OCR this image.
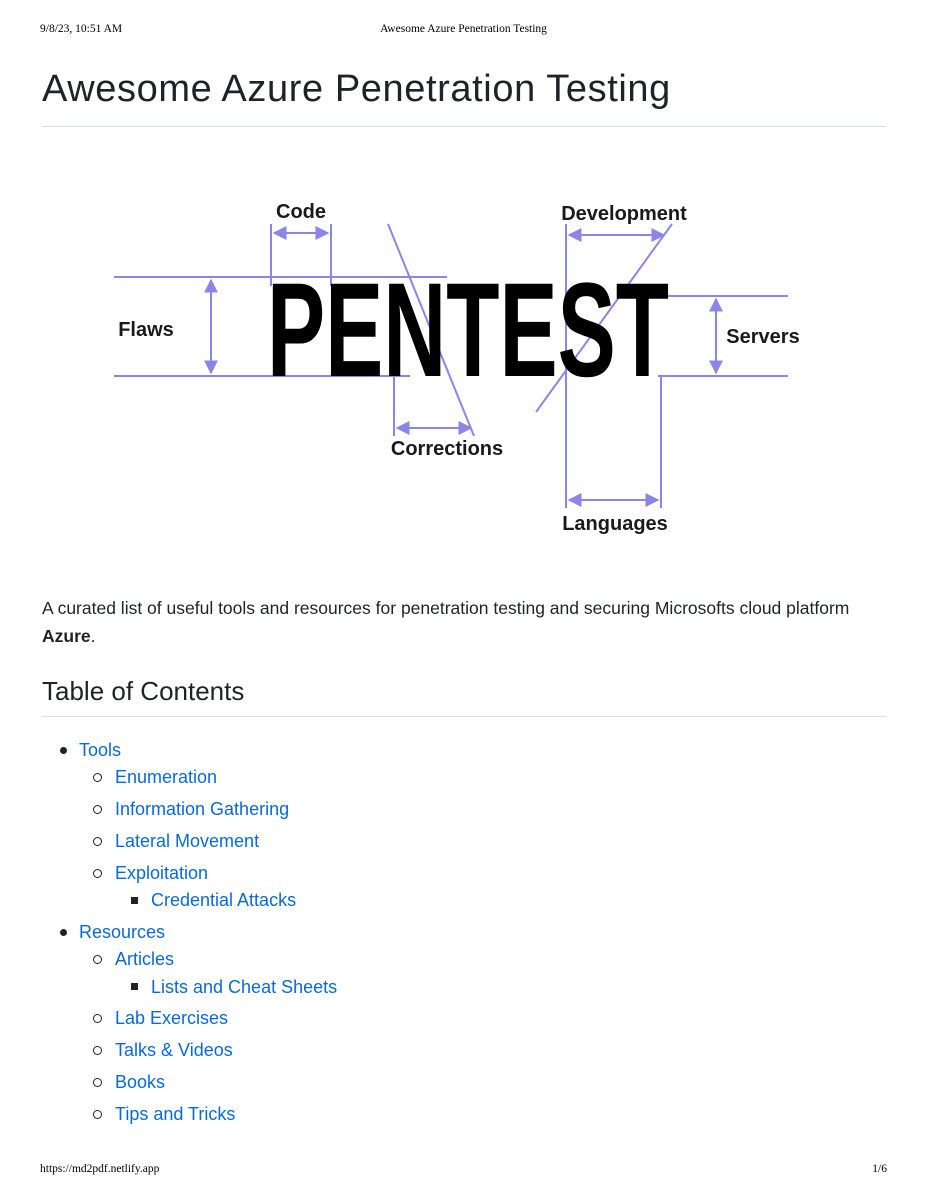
9/8/23, 10:51 AM	Awesome Azure Penetration Testing
Awesome Azure Penetration Testing
PENTEST
Code	Development
Flaws	Servers
Corrections
Languages

A curated list of useful tools and resources for penetration testing and securing Microsofts cloud platform Azure.

Table of Contents
Tools
Enumeration
Information Gathering
Lateral Movement
Exploitation
Credential Attacks
Resources
Articles
Lists and Cheat Sheets
Lab Exercises
Talks & Videos
Books
Tips and Tricks
https://md2pdf.netlify.app	1/6
